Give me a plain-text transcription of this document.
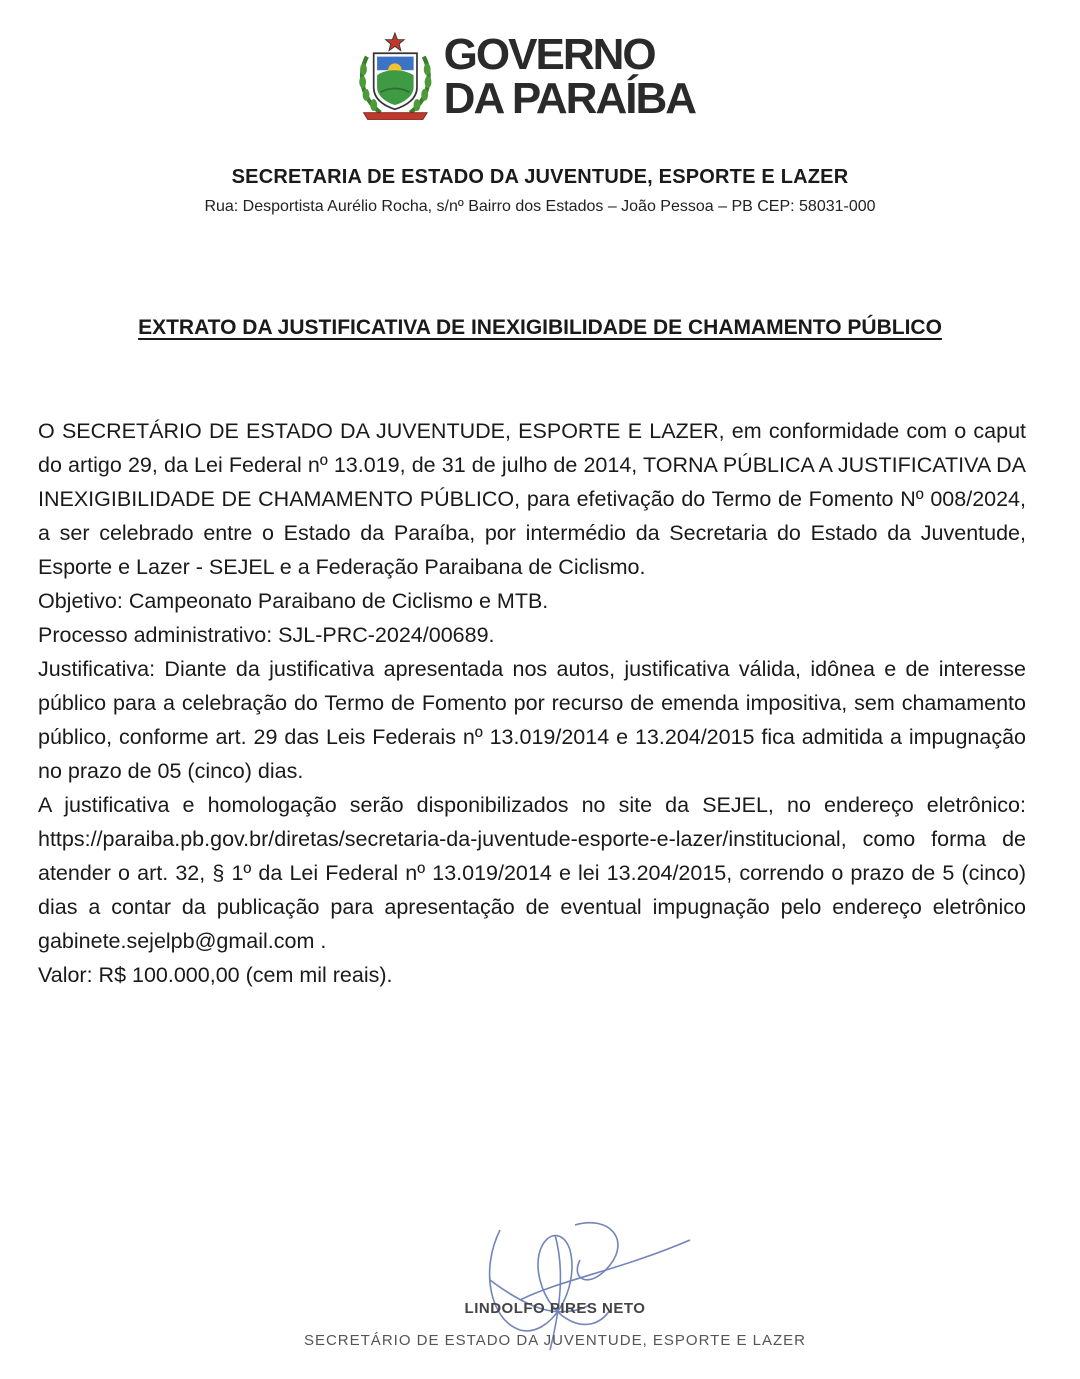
GOVERNO
DA PARAÍBA
SECRETARIA DE ESTADO DA JUVENTUDE, ESPORTE E LAZER
Rua: Desportista Aurélio Rocha, s/nº Bairro dos Estados – João Pessoa – PB CEP: 58031-000
EXTRATO DA JUSTIFICATIVA DE INEXIGIBILIDADE DE CHAMAMENTO PÚBLICO

O SECRETÁRIO DE ESTADO DA JUVENTUDE, ESPORTE E LAZER, em conformidade com o caput do artigo 29, da Lei Federal nº 13.019, de 31 de julho de 2014, TORNA PÚBLICA A JUSTIFICATIVA DA INEXIGIBILIDADE DE CHAMAMENTO PÚBLICO, para efetivação do Termo de Fomento Nº 008/2024, a ser celebrado entre o Estado da Paraíba, por intermédio da Secretaria do Estado da Juventude, Esporte e Lazer - SEJEL e a Federação Paraibana de Ciclismo.

Objetivo: Campeonato Paraibano de Ciclismo e MTB.

Processo administrativo: SJL-PRC-2024/00689.

Justificativa: Diante da justificativa apresentada nos autos, justificativa válida, idônea e de interesse público para a celebração do Termo de Fomento por recurso de emenda impositiva, sem chamamento público, conforme art. 29 das Leis Federais nº 13.019/2014 e 13.204/2015 fica admitida a impugnação no prazo de 05 (cinco) dias.

A justificativa e homologação serão disponibilizados no site da SEJEL, no endereço eletrônico: https://paraiba.pb.gov.br/diretas/secretaria-da-juventude-esporte-e-lazer/institucional, como forma de atender o art. 32, § 1º da Lei Federal nº 13.019/2014 e lei 13.204/2015, correndo o prazo de 5 (cinco) dias a contar da publicação para apresentação de eventual impugnação pelo endereço eletrônico gabinete.sejelpb@gmail.com .

Valor: R$ 100.000,00 (cem mil reais).

LINDOLFO PIRES NETO
SECRETÁRIO DE ESTADO DA JUVENTUDE, ESPORTE E LAZER
